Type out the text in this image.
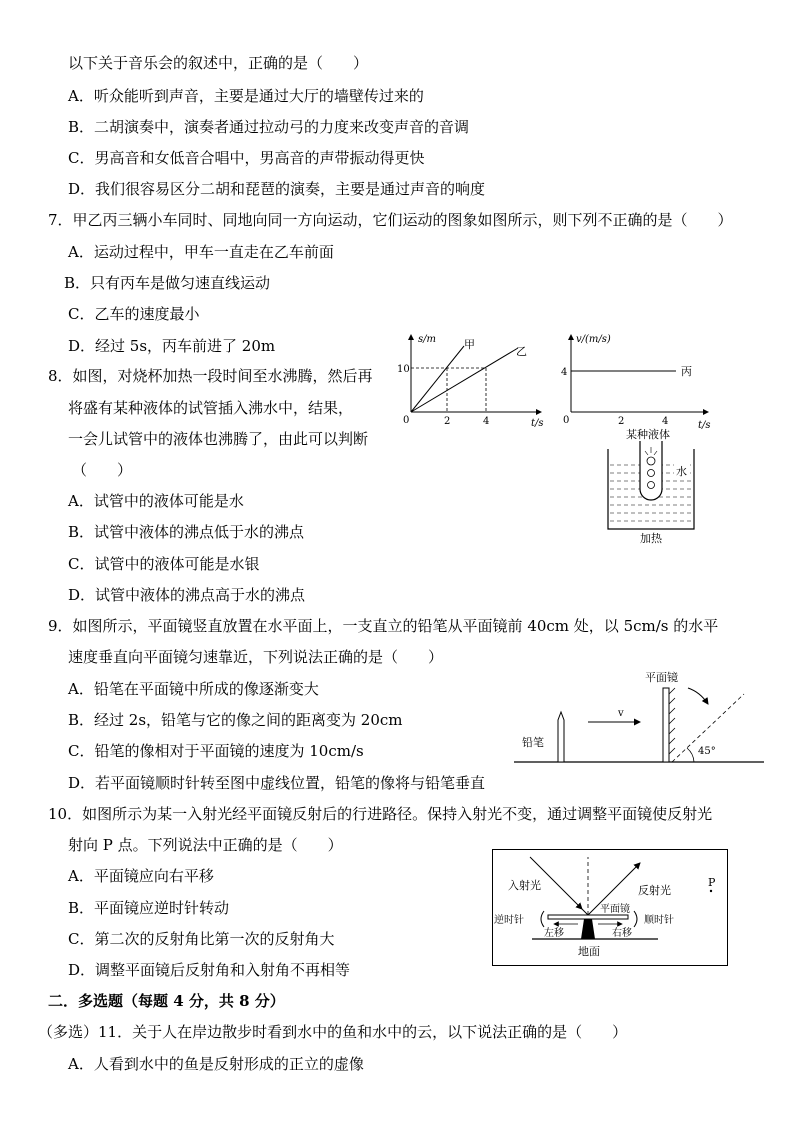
以下关于音乐会的叙述中，正确的是（　　）
A．听众能听到声音，主要是通过大厅的墙壁传过来的
B．二胡演奏中，演奏者通过拉动弓的力度来改变声音的音调
C．男高音和女低音合唱中，男高音的声带振动得更快
D．我们很容易区分二胡和琵琶的演奏，主要是通过声音的响度
7．甲乙丙三辆小车同时、同地向同一方向运动，它们运动的图象如图所示，则下列不正确的是（　　）
A．运动过程中，甲车一直走在乙车前面
B．只有丙车是做匀速直线运动
C．乙车的速度最小
D．经过 5s，丙车前进了 20m	s/m
10
0	2	4	t/s
甲
乙
v/(m/s)
4
0	2	4	t/s
丙
8．如图，对烧杯加热一段时间至水沸腾，然后再
将盛有某种液体的试管插入沸水中，结果，
一会儿试管中的液体也沸腾了，由此可以判断
（　　）
A．试管中的液体可能是水
B．试管中液体的沸点低于水的沸点
C．试管中的液体可能是水银
D．试管中液体的沸点高于水的沸点
某种液体
水
加热
9．如图所示，平面镜竖直放置在水平面上，一支直立的铅笔从平面镜前 40cm 处，以 5cm/s 的水平
速度垂直向平面镜匀速靠近，下列说法正确的是（　　）
A．铅笔在平面镜中所成的像逐渐变大
B．经过 2s，铅笔与它的像之间的距离变为 20cm
C．铅笔的像相对于平面镜的速度为 10cm/s
D．若平面镜顺时针转至图中虚线位置，铅笔的像将与铅笔垂直
平面镜
铅笔
v
45°
10．如图所示为某一入射光经平面镜反射后的行进路径。保持入射光不变，通过调整平面镜使反射光
射向 P 点。下列说法中正确的是（　　）
A．平面镜应向右平移
B．平面镜应逆时针转动
C．第二次的反射角比第一次的反射角大
D．调整平面镜后反射角和入射角不再相等
入射光	反射光
P
平面镜
地面
逆时针	顺时针
左移	右移
二．多选题（每题 4 分，共 8 分）
（多选）11．关于人在岸边散步时看到水中的鱼和水中的云，以下说法正确的是（　　）
A．人看到水中的鱼是反射形成的正立的虚像
